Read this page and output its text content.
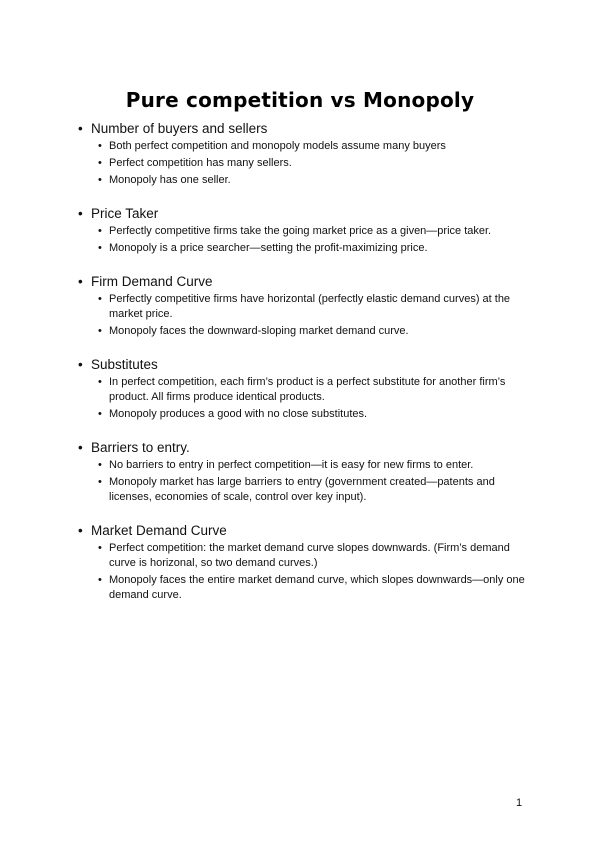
Pure competition vs Monopoly
• Number of buyers and sellers
• Both perfect competition and monopoly models assume many buyers
• Perfect competition has many sellers.
• Monopoly has one seller.
• Price Taker
• Perfectly competitive firms take the going market price as a given—price taker.
• Monopoly is a price searcher—setting the profit-maximizing price.
• Firm Demand Curve
• Perfectly competitive firms have horizontal (perfectly elastic demand curves) at the market price.
• Monopoly faces the downward-sloping market demand curve.
• Substitutes
• In perfect competition, each firm’s product is a perfect substitute for another firm’s product. All firms produce identical products.
• Monopoly produces a good with no close substitutes.
• Barriers to entry.
• No barriers to entry in perfect competition—it is easy for new firms to enter.
• Monopoly market has large barriers to entry (government created—patents and licenses, economies of scale, control over key input).
• Market Demand Curve
• Perfect competition: the market demand curve slopes downwards. (Firm’s demand curve is horizonal, so two demand curves.)
• Monopoly faces the entire market demand curve, which slopes downwards—only one demand curve.
1
